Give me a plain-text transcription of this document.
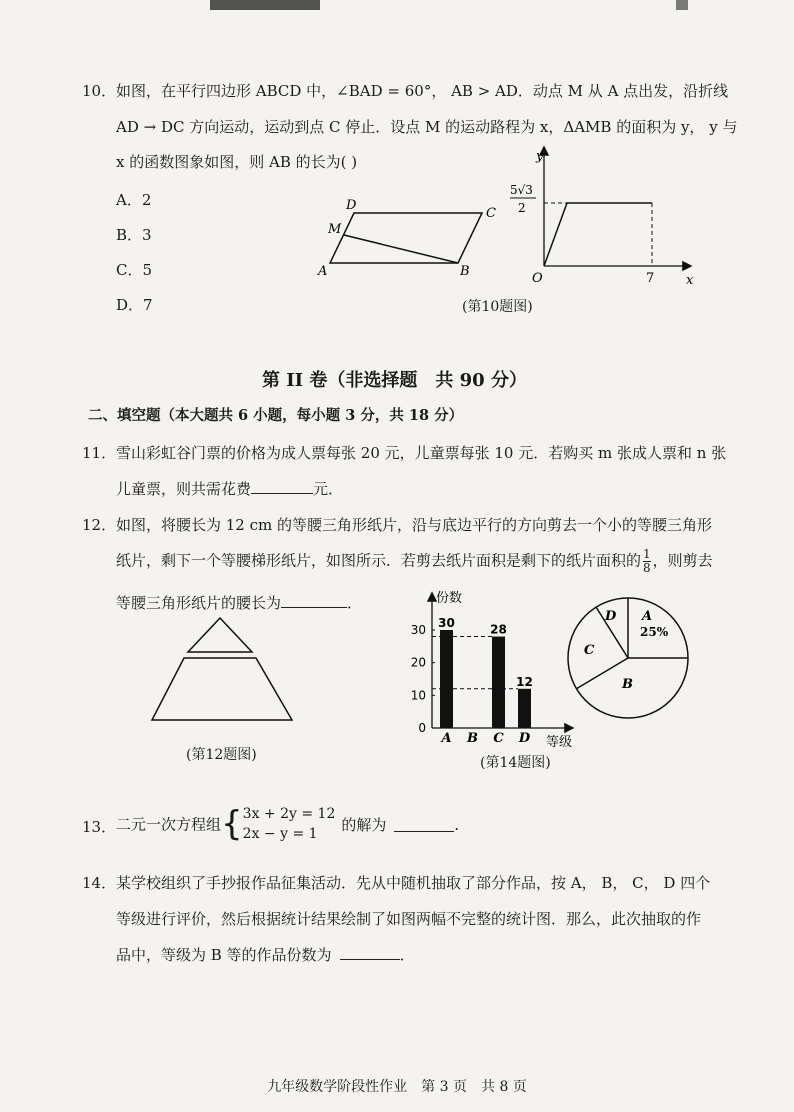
10． 如图，在平行四边形 ABCD 中，∠BAD = 60°， AB > AD．动点 M 从 A 点出发，沿折线
AD → DC 方向运动，运动到点 C 停止．设点 M 的运动路程为 x，ΔAMB 的面积为 y， y 与
x 的函数图象如图，则 AB 的长为( )
A．2
B．3
C．5
D．7
D
C
M
A	B
y
x
O	7
5√3
2
(第10题图)
第 II 卷（非选择题　共 90 分）
二、填空题（本大题共 6 小题，每小题 3 分，共 18 分）
11． 雪山彩虹谷门票的价格为成人票每张 20 元，儿童票每张 10 元．若购买 m 张成人票和 n 张
儿童票，则共需花费	元．
12． 如图，将腰长为 12 cm 的等腰三角形纸片，沿与底边平行的方向剪去一个小的等腰三角形
纸片，剩下一个等腰梯形纸片，如图所示．若剪去纸片面积是剩下的纸片面积的 $\frac{1}{8}$ ，则剪去
等腰三角形纸片的腰长为	．
(第12题图)
份数
等级
0
10
20
30 30
A B
28
C
12
D
A
25%
D
C
B
(第14题图)
13． 二元一次方程组{ 3x + 2y = 12
2x − y = 1
的解为	．
14． 某学校组织了手抄报作品征集活动．先从中随机抽取了部分作品，按 A， B， C， D 四个
等级进行评价，然后根据统计结果绘制了如图两幅不完整的统计图．那么，此次抽取的作
品中，等级为 B 等的作品份数为	．
九年级数学阶段性作业　第 3 页　共 8 页
